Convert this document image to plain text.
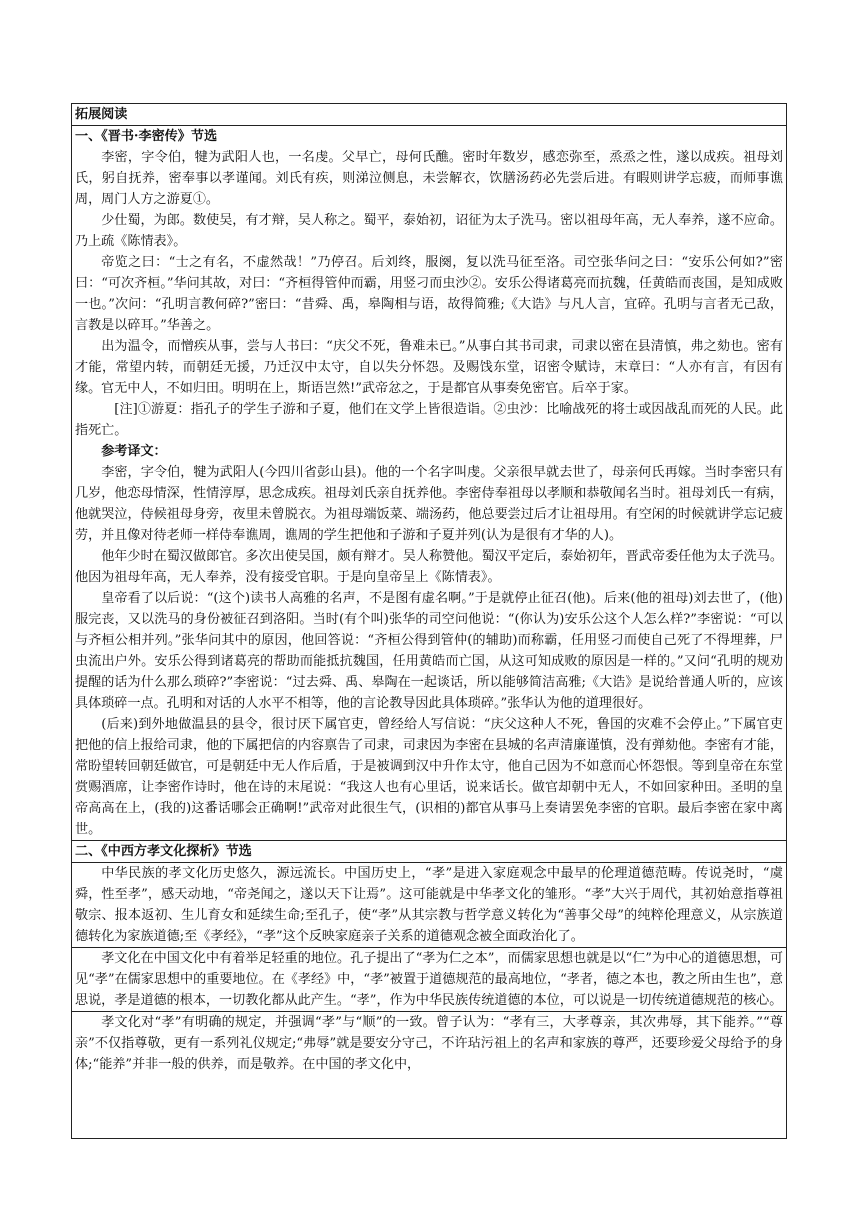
拓展阅读

一、《晋书·李密传》节选

李密，字令伯，犍为武阳人也，一名虔。父早亡，母何氏醮。密时年数岁，感恋弥至，烝烝之性，遂以成疾。祖母刘氏，躬自抚养，密奉事以孝谨闻。刘氏有疾，则涕泣侧息，未尝解衣，饮膳汤药必先尝后进。有暇则讲学忘疲，而师事谯周，周门人方之游夏①。

少仕蜀，为郎。数使吴，有才辩，吴人称之。蜀平，泰始初，诏征为太子洗马。密以祖母年高，无人奉养，遂不应命。乃上疏《陈情表》。

帝览之曰：“士之有名，不虚然哉！”乃停召。后刘终，服阕，复以洗马征至洛。司空张华问之曰：“安乐公何如?”密曰：“可次齐桓。”华问其故，对曰：“齐桓得管仲而霸，用竖刁而虫沙②。安乐公得诸葛亮而抗魏，任黄皓而丧国，是知成败一也。”次问：“孔明言教何碎?”密曰：“昔舜、禹，皋陶相与语，故得简雅;《大诰》与凡人言，宜碎。孔明与言者无己敌，言教是以碎耳。”华善之。

出为温令，而憎疾从事，尝与人书曰：“庆父不死，鲁难未已。”从事白其书司隶，司隶以密在县清慎，弗之劾也。密有才能，常望内转，而朝廷无援，乃迁汉中太守，自以失分怀怨。及赐饯东堂，诏密令赋诗，末章曰：“人亦有言，有因有缘。官无中人，不如归田。明明在上，斯语岂然!”武帝忿之，于是都官从事奏免密官。后卒于家。

[注]①游夏：指孔子的学生子游和子夏，他们在文学上皆很造诣。②虫沙：比喻战死的将士或因战乱而死的人民。此指死亡。

参考译文：

李密，字令伯，犍为武阳人(今四川省彭山县)。他的一个名字叫虔。父亲很早就去世了，母亲何氏再嫁。当时李密只有几岁，他恋母情深，性情淳厚，思念成疾。祖母刘氏亲自抚养他。李密侍奉祖母以孝顺和恭敬闻名当时。祖母刘氏一有病，他就哭泣，侍候祖母身旁，夜里未曾脱衣。为祖母端饭菜、端汤药，他总要尝过后才让祖母用。有空闲的时候就讲学忘记疲劳，并且像对待老师一样侍奉谯周，谯周的学生把他和子游和子夏并列(认为是很有才华的人)。

他年少时在蜀汉做郎官。多次出使吴国，颇有辩才。吴人称赞他。蜀汉平定后，泰始初年，晋武帝委任他为太子洗马。他因为祖母年高，无人奉养，没有接受官职。于是向皇帝呈上《陈情表》。

皇帝看了以后说：“(这个)读书人高雅的名声，不是图有虚名啊。”于是就停止征召(他)。后来(他的祖母)刘去世了，(他)服完丧，又以洗马的身份被征召到洛阳。当时(有个叫)张华的司空问他说：“(你认为)安乐公这个人怎么样?”李密说：“可以与齐桓公相并列。”张华问其中的原因，他回答说：“齐桓公得到管仲(的辅助)而称霸，任用竖刁而使自己死了不得埋葬，尸虫流出户外。安乐公得到诸葛亮的帮助而能抵抗魏国，任用黄皓而亡国，从这可知成败的原因是一样的。”又问“孔明的规劝提醒的话为什么那么琐碎?”李密说：“过去舜、禹、皋陶在一起谈话，所以能够简洁高雅;《大诰》是说给普通人听的，应该具体琐碎一点。孔明和对话的人水平不相等，他的言论教导因此具体琐碎。”张华认为他的道理很好。

(后来)到外地做温县的县令，很讨厌下属官吏，曾经给人写信说：“庆父这种人不死，鲁国的灾难不会停止。”下属官吏把他的信上报给司隶，他的下属把信的内容禀告了司隶，司隶因为李密在县城的名声清廉谨慎，没有弹劾他。李密有才能，常盼望转回朝廷做官，可是朝廷中无人作后盾，于是被调到汉中升作太守，他自己因为不如意而心怀怨恨。等到皇帝在东堂赏赐酒席，让李密作诗时，他在诗的末尾说：“我这人也有心里话，说来话长。做官却朝中无人，不如回家种田。圣明的皇帝高高在上，(我的)这番话哪会正确啊!”武帝对此很生气，(识相的)都官从事马上奏请罢免李密的官职。最后李密在家中离世。

二、《中西方孝文化探析》节选

中华民族的孝文化历史悠久，源远流长。中国历史上，“孝”是进入家庭观念中最早的伦理道德范畴。传说尧时，“虞舜，性至孝”，感天动地，“帝尧闻之，遂以天下让焉”。这可能就是中华孝文化的雏形。“孝”大兴于周代，其初始意指尊祖敬宗、报本返初、生儿育女和延续生命;至孔子，使“孝”从其宗教与哲学意义转化为“善事父母”的纯粹伦理意义，从宗族道德转化为家族道德;至《孝经》，“孝”这个反映家庭亲子关系的道德观念被全面政治化了。

孝文化在中国文化中有着举足轻重的地位。孔子提出了“孝为仁之本”，而儒家思想也就是以“仁”为中心的道德思想，可见“孝”在儒家思想中的重要地位。在《孝经》中，“孝”被置于道德规范的最高地位，“孝者，德之本也，教之所由生也”，意思说，孝是道德的根本，一切教化都从此产生。“孝”，作为中华民族传统道德的本位，可以说是一切传统道德规范的核心。

孝文化对“孝”有明确的规定，并强调“孝”与“顺”的一致。曾子认为：“孝有三，大孝尊亲，其次弗辱，其下能养。”“尊亲”不仅指尊敬，更有一系列礼仪规定;“弗辱”就是要安分守己，不许玷污祖上的名声和家族的尊严，还要珍爱父母给予的身体;“能养”并非一般的供养，而是敬养。在中国的孝文化中，
